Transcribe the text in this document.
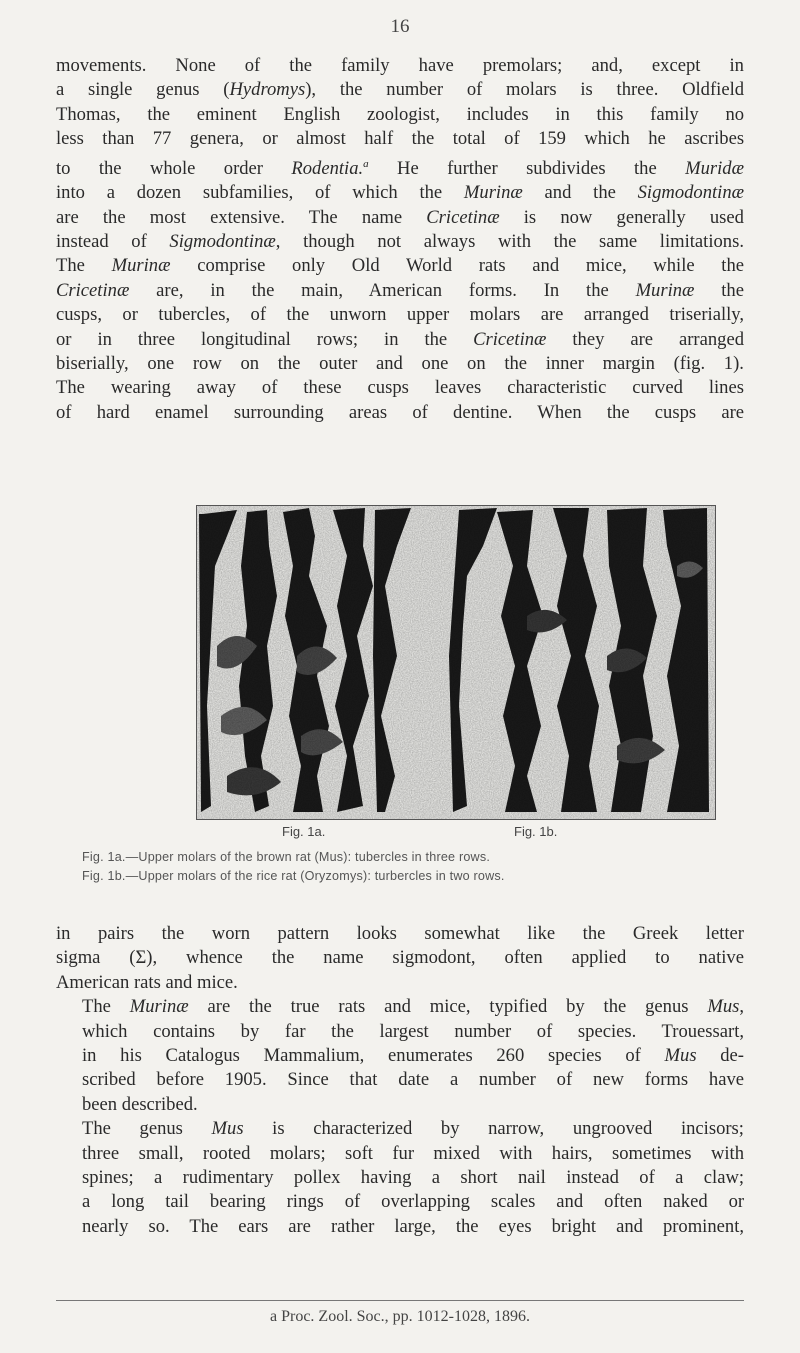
16

movements. None of the family have premolars; and, except in
a single genus (Hydromys), the number of molars is three. Oldfield
Thomas, the eminent English zoologist, includes in this family no
less than 77 genera, or almost half the total of 159 which he ascribes
to the whole order Rodentia.$^a$ He further subdivides the Muridæ
into a dozen subfamilies, of which the Murinæ and the Sigmodontinæ
are the most extensive. The name Cricetinæ is now generally used
instead of Sigmodontinæ, though not always with the same limitations.
The Murinæ comprise only Old World rats and mice, while the
Cricetinæ are, in the main, American forms. In the Murinæ the
cusps, or tubercles, of the unworn upper molars are arranged triserially,
or in three longitudinal rows; in the Cricetinæ they are arranged
biserially, one row on the outer and one on the inner margin (fig. 1).
The wearing away of these cusps leaves characteristic curved lines
of hard enamel surrounding areas of dentine. When the cusps are

Fig. 1a.	Fig. 1b.
Fig. 1a.—Upper molars of the brown rat (Mus): tubercles in three rows.
Fig. 1b.—Upper molars of the rice rat (Oryzomys): turbercles in two rows.

in pairs the worn pattern looks somewhat like the Greek letter
sigma (Σ), whence the name sigmodont, often applied to native
American rats and mice.

The Murinæ are the true rats and mice, typified by the genus Mus,
which contains by far the largest number of species. Trouessart,
in his Catalogus Mammalium, enumerates 260 species of Mus de-
scribed before 1905. Since that date a number of new forms have
been described.

The genus Mus is characterized by narrow, ungrooved incisors;
three small, rooted molars; soft fur mixed with hairs, sometimes with
spines; a rudimentary pollex having a short nail instead of a claw;
a long tail bearing rings of overlapping scales and often naked or
nearly so. The ears are rather large, the eyes bright and prominent,

a Proc. Zool. Soc., pp. 1012-1028, 1896.
